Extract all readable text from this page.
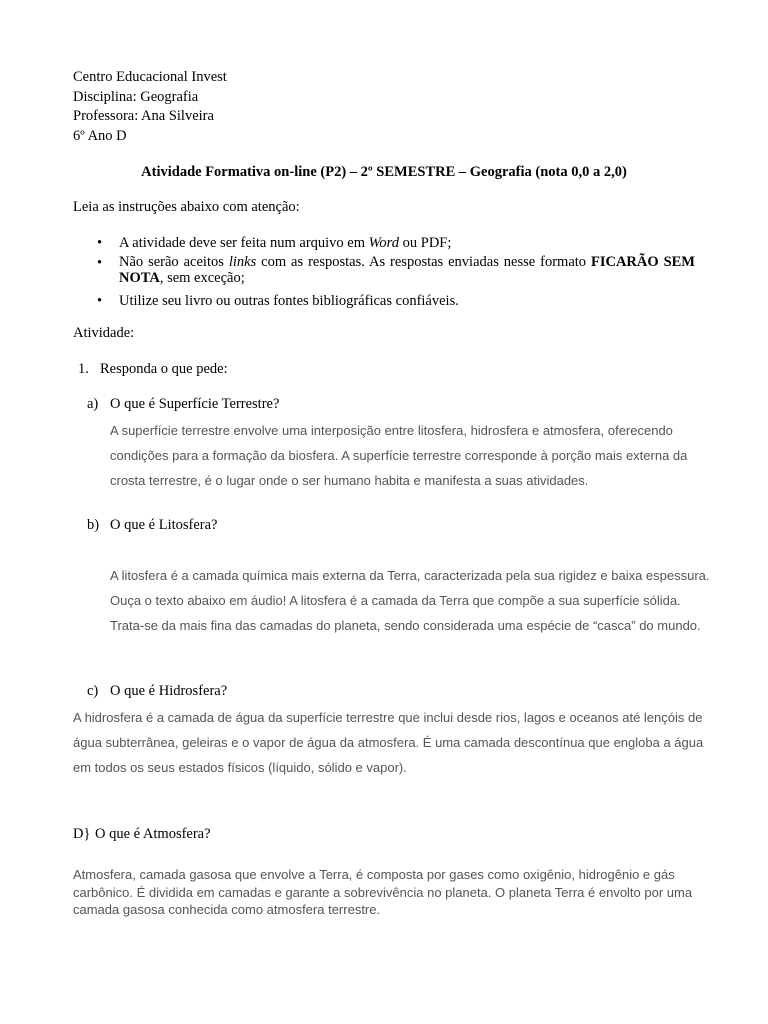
Centro Educacional Invest
Disciplina: Geografia
Professora: Ana Silveira
6º Ano D
Atividade Formativa on-line (P2) – 2º SEMESTRE – Geografia (nota 0,0 a 2,0)
Leia as instruções abaixo com atenção:
• A atividade deve ser feita num arquivo em Word ou PDF;
• Não serão aceitos links com as respostas. As respostas enviadas nesse formato FICARÃO SEM
NOTA, sem exceção;
• Utilize seu livro ou outras fontes bibliográficas confiáveis.
Atividade:
1. Responda o que pede:
a) O que é Superfície Terrestre?
A superfície terrestre envolve uma interposição entre litosfera, hidrosfera e atmosfera, oferecendo
condições para a formação da biosfera. A superfície terrestre corresponde à porção mais externa da
crosta terrestre, é o lugar onde o ser humano habita e manifesta a suas atividades.
b) O que é Litosfera?
A litosfera é a camada química mais externa da Terra, caracterizada pela sua rigidez e baixa espessura.
Ouça o texto abaixo em áudio! A litosfera é a camada da Terra que compõe a sua superfície sólida.
Trata-se da mais fina das camadas do planeta, sendo considerada uma espécie de “casca” do mundo.
c) O que é Hidrosfera?
A hidrosfera é a camada de água da superfície terrestre que inclui desde rios, lagos e oceanos até lençóis de
água subterrânea, geleiras e o vapor de água da atmosfera. É uma camada descontínua que engloba a água
em todos os seus estados físicos (líquido, sólido e vapor).
D} O que é Atmosfera?
Atmosfera, camada gasosa que envolve a Terra, é composta por gases como oxigênio, hidrogênio e gás
carbônico. É dividida em camadas e garante a sobrevivência no planeta. O planeta Terra é envolto por uma
camada gasosa conhecida como atmosfera terrestre.
